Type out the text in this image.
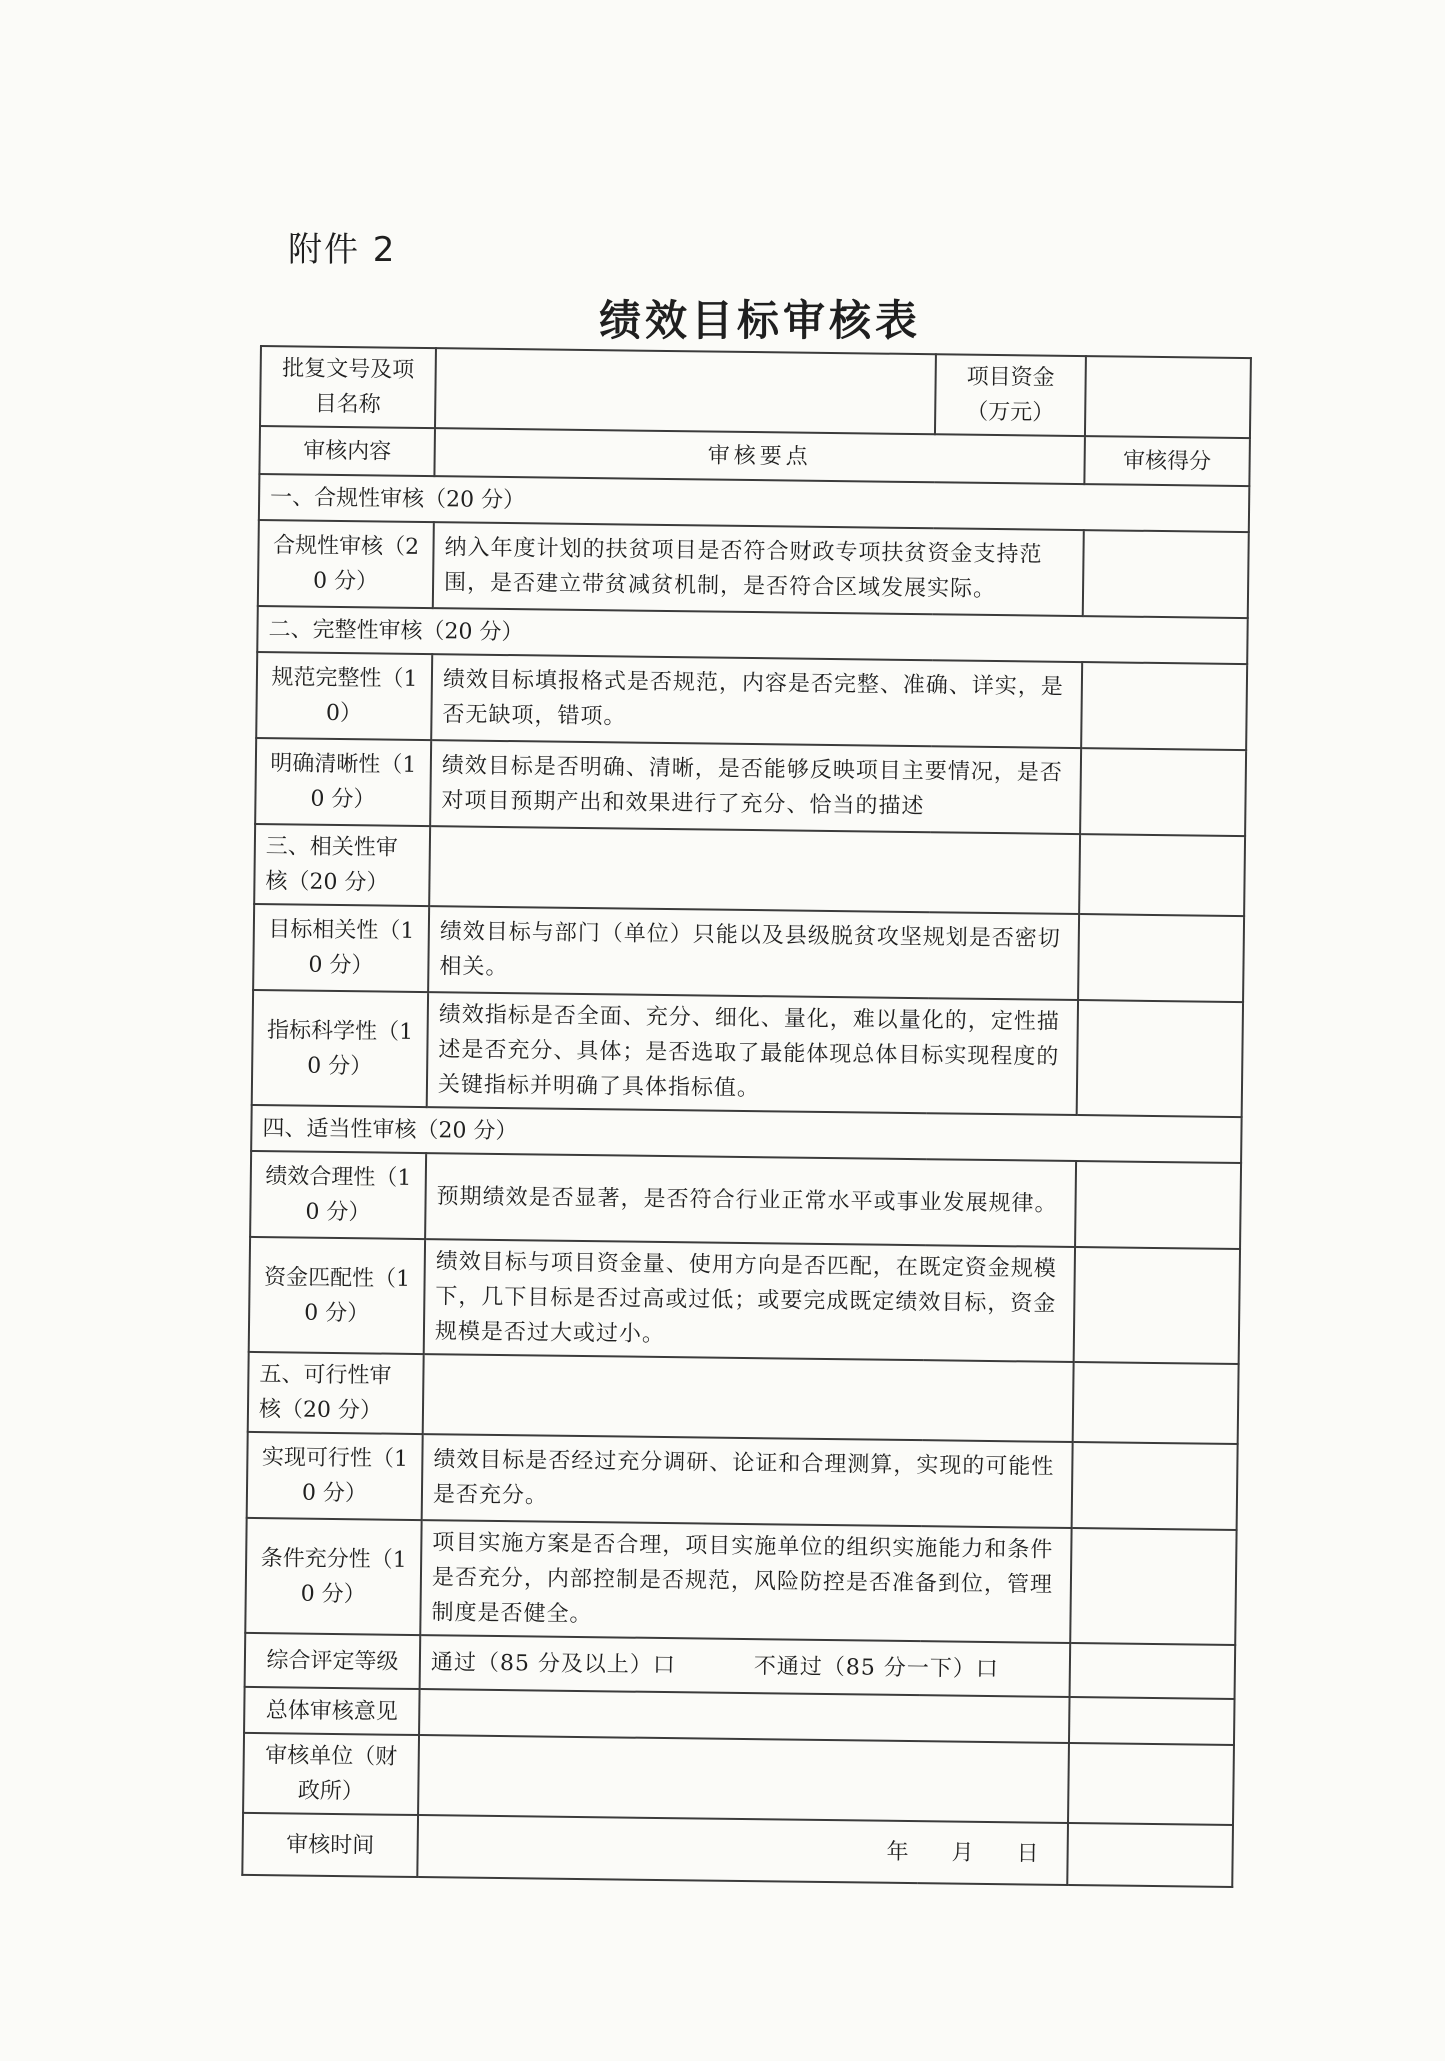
附件 2
绩效目标审核表
批复文号及项目名称		项目资金（万元）	
审核内容	审核要点		审核得分
一、合规性审核（20 分）			
合规性审核（20 分）	纳入年度计划的扶贫项目是否符合财政专项扶贫资金支持范围，是否建立带贫减贫机制，是否符合区域发展实际。		
二、完整性审核（20 分）			
规范完整性（10）	绩效目标填报格式是否规范，内容是否完整、准确、详实，是否无缺项，错项。		
明确清晰性（10 分）	绩效目标是否明确、清晰，是否能够反映项目主要情况，是否对项目预期产出和效果进行了充分、恰当的描述		
三、相关性审核（20 分）			
目标相关性（10 分）	绩效目标与部门（单位）只能以及县级脱贫攻坚规划是否密切相关。		
指标科学性（10 分）	绩效指标是否全面、充分、细化、量化，难以量化的，定性描述是否充分、具体；是否选取了最能体现总体目标实现程度的关键指标并明确了具体指标值。		
四、适当性审核（20 分）			
绩效合理性（10 分）	预期绩效是否显著，是否符合行业正常水平或事业发展规律。		
资金匹配性（10 分）	绩效目标与项目资金量、使用方向是否匹配，在既定资金规模下，几下目标是否过高或过低；或要完成既定绩效目标，资金规模是否过大或过小。		
五、可行性审核（20 分）			
实现可行性（10 分）	绩效目标是否经过充分调研、论证和合理测算，实现的可能性是否充分。		
条件充分性（10 分）	项目实施方案是否合理，项目实施单位的组织实施能力和条件是否充分，内部控制是否规范，风险防控是否准备到位，管理制度是否健全。		
综合评定等级	通过（85 分及以上）口 不通过（85 分一下）口		
总体审核意见			
审核单位（财政所）			
审核时间	年 月 日		
